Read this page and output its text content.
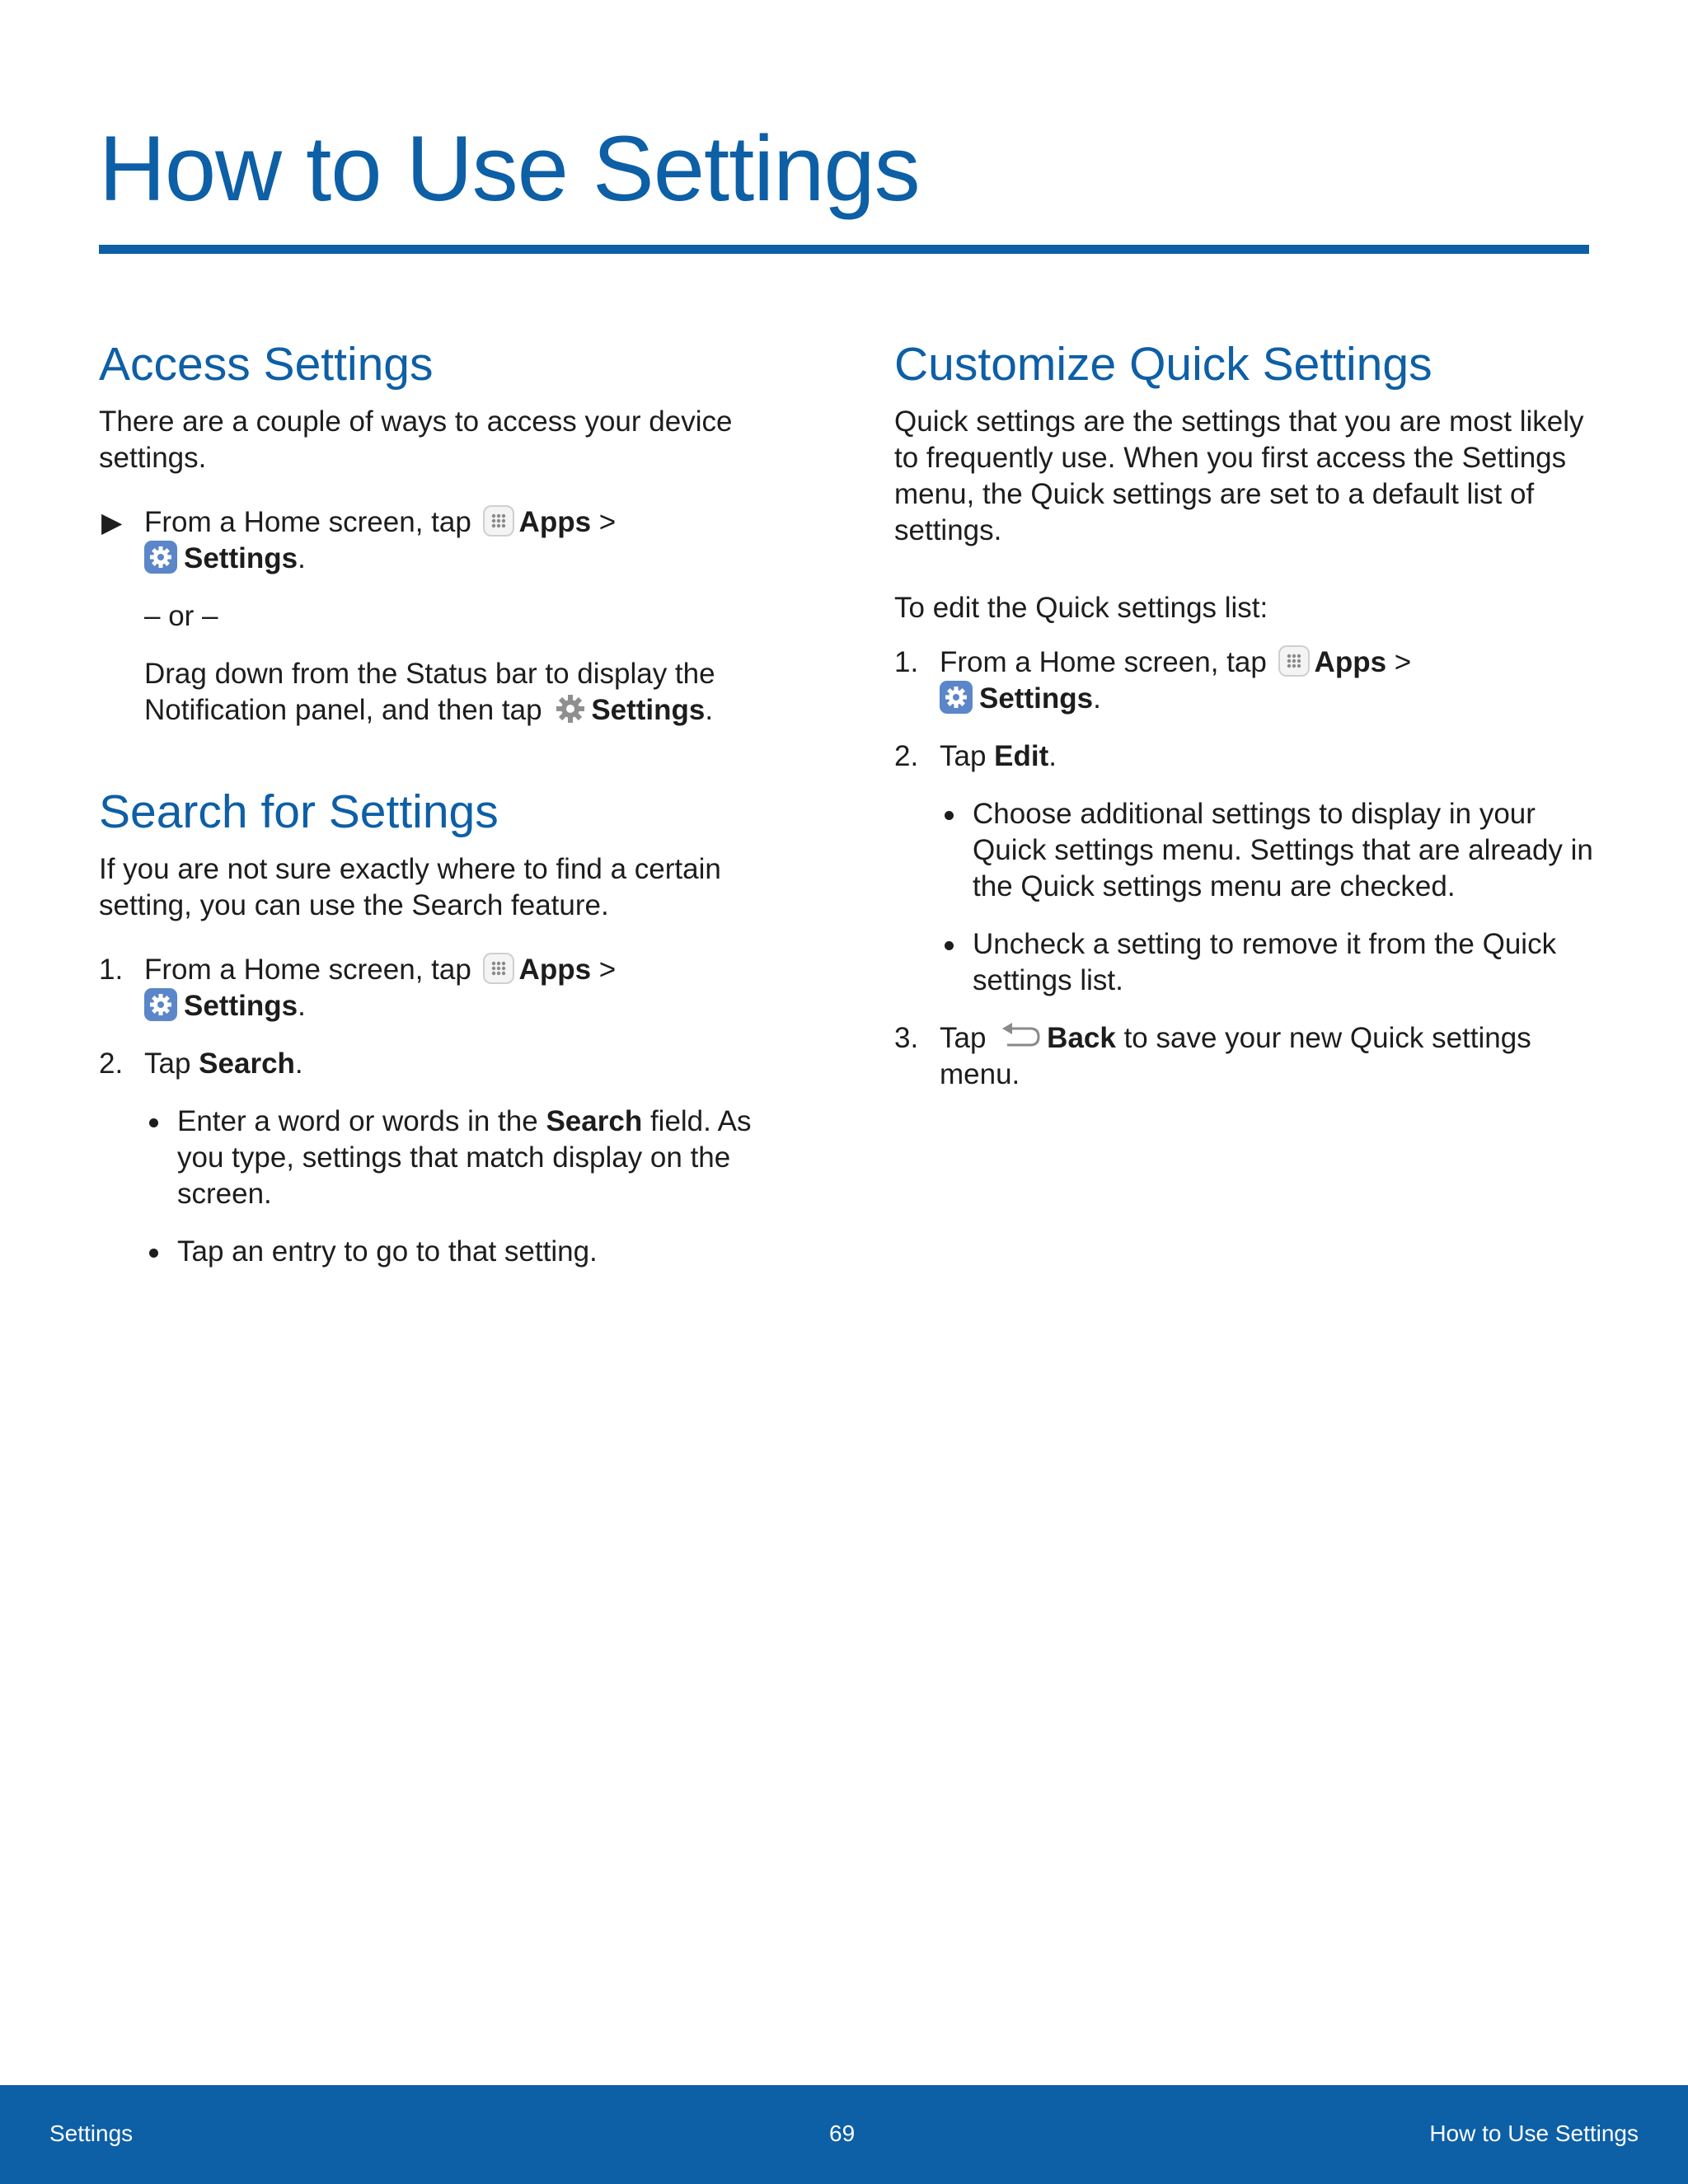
How to Use Settings
Access Settings

There are a couple of ways to access your device settings.

▶ From a Home screen, tap Apps >
Settings.

– or –

Drag down from the Status bar to display the Notification panel, and then tap Settings.

Search for Settings

If you are not sure exactly where to find a certain setting, you can use the Search feature.

1. From a Home screen, tap Apps >
Settings.
2. Tap Search.
Enter a word or words in the Search field. As you type, settings that match display on the screen.
Tap an entry to go to that setting.
Customize Quick Settings

Quick settings are the settings that you are most likely to frequently use. When you first access the Settings menu, the Quick settings are set to a default list of settings.

To edit the Quick settings list:

1. From a Home screen, tap Apps >
Settings.
2. Tap Edit.
Choose additional settings to display in your Quick settings menu. Settings that are already in the Quick settings menu are checked.
Uncheck a setting to remove it from the Quick settings list.
3. Tap Back to save your new Quick settings menu.
Settings	69	How to Use Settings
